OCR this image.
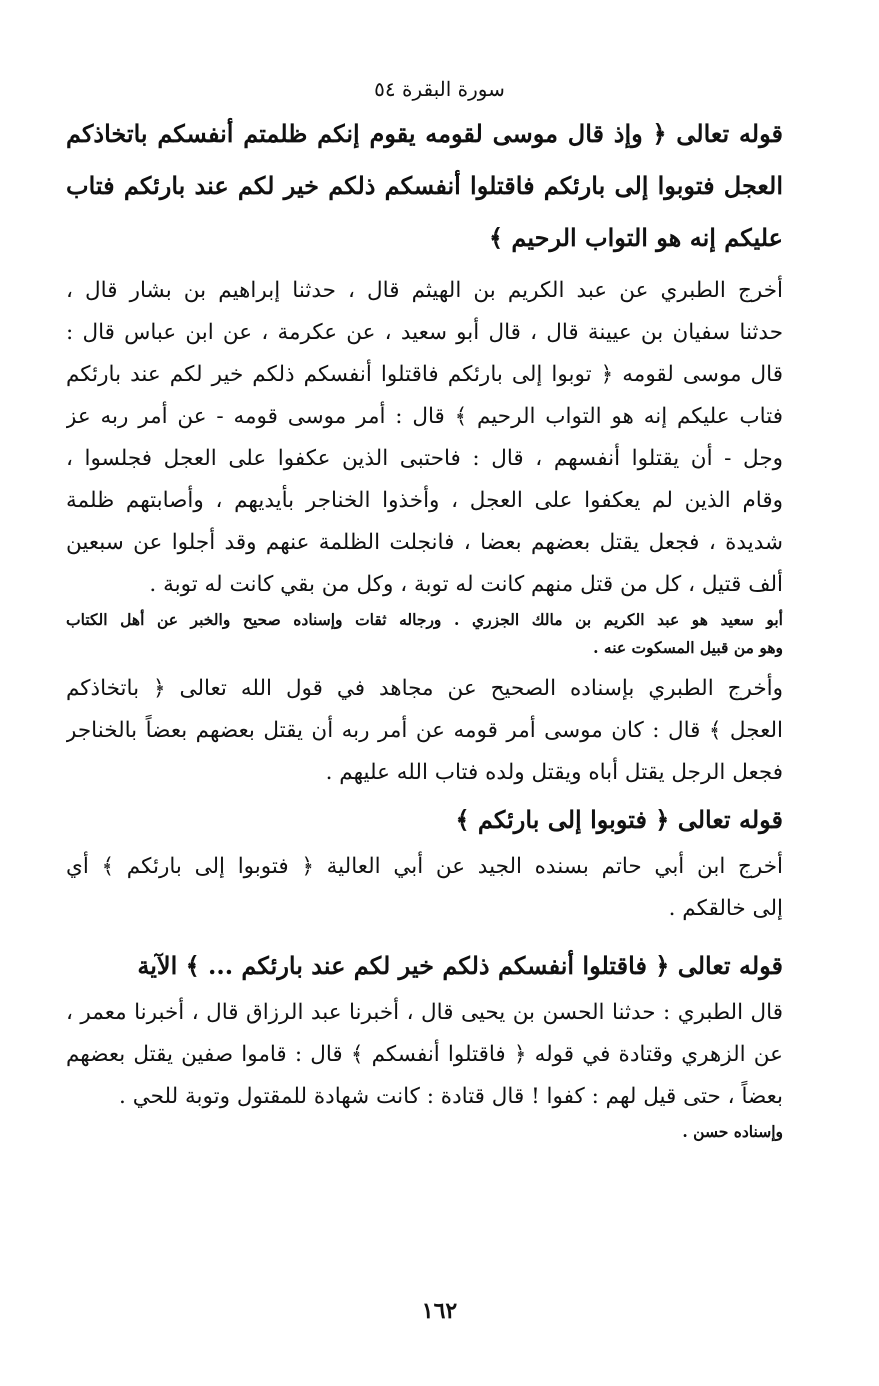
سورة البقرة ٥٤
قوله تعالى ﴿ وإذ قال موسى لقومه يقوم إنكم ظلمتم أنفسكم باتخاذكم
العجل فتوبوا إلى بارئكم فاقتلوا أنفسكم ذلكم خير لكم عند بارئكم فتاب
عليكم إنه هو التواب الرحيم ﴾
أخرج الطبري عن عبد الكريم بن الهيثم قال ، حدثنا إبراهيم بن بشار قال ،
حدثنا سفيان بن عيينة قال ، قال أبو سعيد ، عن عكرمة ، عن ابن عباس قال :
قال موسى لقومه ﴿ توبوا إلى بارئكم فاقتلوا أنفسكم ذلكم خير لكم عند بارئكم
فتاب عليكم إنه هو التواب الرحيم ﴾ قال : أمر موسى قومه - عن أمر ربه عز
وجل - أن يقتلوا أنفسهم ، قال : فاحتبى الذين عكفوا على العجل فجلسوا ،
وقام الذين لم يعكفوا على العجل ، وأخذوا الخناجر بأيديهم ، وأصابتهم ظلمة
شديدة ، فجعل يقتل بعضهم بعضا ، فانجلت الظلمة عنهم وقد أجلوا عن سبعين
ألف قتيل ، كل من قتل منهم كانت له توبة ، وكل من بقي كانت له توبة .
أبو سعيد هو عبد الكريم بن مالك الجزري . ورجاله ثقات وإسناده صحيح والخبر عن أهل الكتاب
وهو من قبيل المسكوت عنه .
وأخرج الطبري بإسناده الصحيح عن مجاهد في قول الله تعالى ﴿ باتخاذكم
العجل ﴾ قال : كان موسى أمر قومه عن أمر ربه أن يقتل بعضهم بعضاً بالخناجر
فجعل الرجل يقتل أباه ويقتل ولده فتاب الله عليهم .
قوله تعالى ﴿ فتوبوا إلى بارئكم ﴾
أخرج ابن أبي حاتم بسنده الجيد عن أبي العالية ﴿ فتوبوا إلى بارئكم ﴾ أي
إلى خالقكم .
قوله تعالى ﴿ فاقتلوا أنفسكم ذلكم خير لكم عند بارئكم ... ﴾ الآية
قال الطبري : حدثنا الحسن بن يحيى قال ، أخبرنا عبد الرزاق قال ، أخبرنا معمر ،
عن الزهري وقتادة في قوله ﴿ فاقتلوا أنفسكم ﴾ قال : قاموا صفين يقتل بعضهم
بعضاً ، حتى قيل لهم : كفوا ! قال قتادة : كانت شهادة للمقتول وتوبة للحي .
وإسناده حسن .
١٦٢
